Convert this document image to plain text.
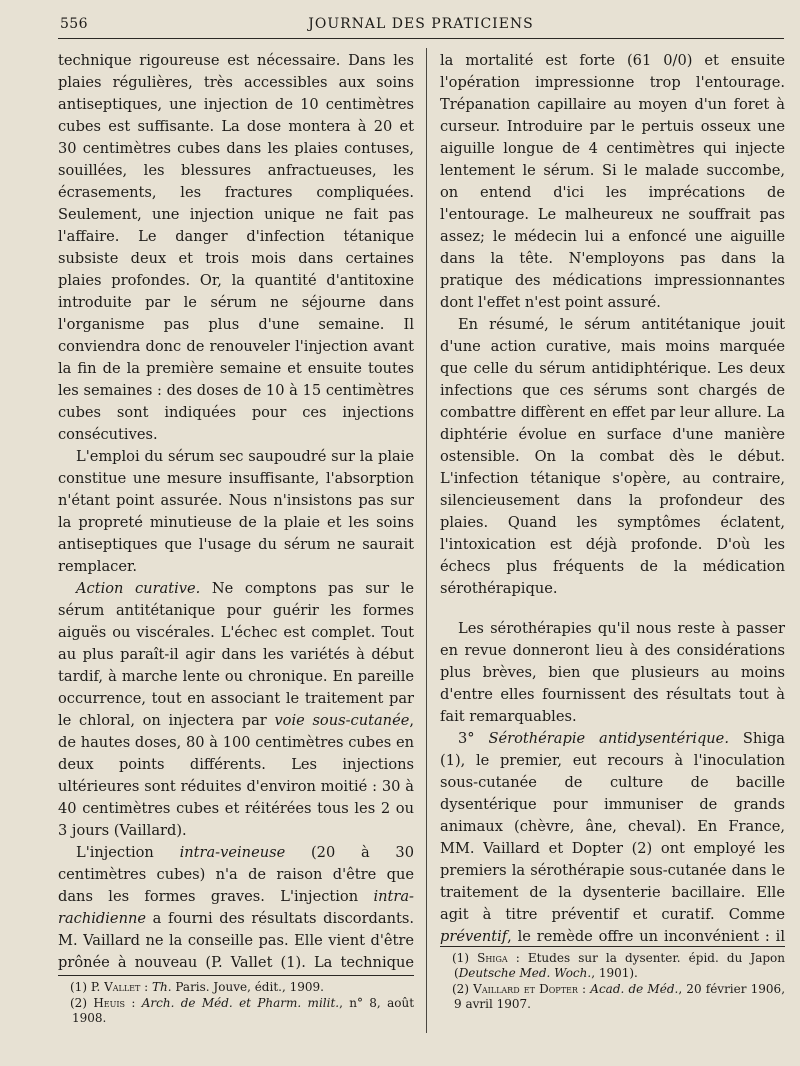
556	JOURNAL DES PRATICIENS

technique rigoureuse est nécessaire. Dans les plaies régulières, très accessibles aux soins antiseptiques, une injection de 10 centimètres cubes est suffisante. La dose montera à 20 et 30 centimètres cubes dans les plaies contuses, souillées, les blessures anfractueuses, les écrasements, les fractures compliquées. Seulement, une injection unique ne fait pas l'affaire. Le danger d'infection tétanique subsiste deux et trois mois dans certaines plaies profondes. Or, la quantité d'antitoxine introduite par le sérum ne séjourne dans l'organisme pas plus d'une semaine. Il conviendra donc de renouveler l'injection avant la fin de la première semaine et ensuite toutes les semaines : des doses de 10 à 15 centimètres cubes sont indiquées pour ces injections consécutives.

L'emploi du sérum sec saupoudré sur la plaie constitue une mesure insuffisante, l'absorption n'étant point assurée. Nous n'insistons pas sur la propreté minutieuse de la plaie et les soins antiseptiques que l'usage du sérum ne saurait remplacer.

Action curative. Ne comptons pas sur le sérum antitétanique pour guérir les formes aiguës ou viscérales. L'échec est complet. Tout au plus paraît-il agir dans les variétés à début tardif, à marche lente ou chronique. En pareille occurrence, tout en associant le traitement par le chloral, on injectera par voie sous-cutanée, de hautes doses, 80 à 100 centimètres cubes en deux points différents. Les injections ultérieures sont réduites d'environ moitié : 30 à 40 centimètres cubes et réitérées tous les 2 ou 3 jours (Vaillard).

L'injection intra-veineuse (20 à 30 centimètres cubes) n'a de raison d'être que dans les formes graves. L'injection intra-rachidienne a fourni des résultats discordants. M. Vaillard ne la conseille pas. Elle vient d'être prônée à nouveau (P. Vallet (1). La technique

la mortalité est forte (61 0/0) et ensuite l'opération impressionne trop l'entourage. Trépanation capillaire au moyen d'un foret à curseur. Introduire par le pertuis osseux une aiguille longue de 4 centimètres qui injecte lentement le sérum. Si le malade succombe, on entend d'ici les imprécations de l'entourage. Le malheureux ne souffrait pas assez; le médecin lui a enfoncé une aiguille dans la tête. N'employons pas dans la pratique des médications impressionnantes dont l'effet n'est point assuré.

En résumé, le sérum antitétanique jouit d'une action curative, mais moins marquée que celle du sérum antidiphtérique. Les deux infections que ces sérums sont chargés de combattre diffèrent en effet par leur allure. La diphtérie évolue en surface d'une manière ostensible. On la combat dès le début. L'infection tétanique s'opère, au contraire, silencieusement dans la profondeur des plaies. Quand les symptômes éclatent, l'intoxication est déjà profonde. D'où les échecs plus fréquents de la médication sérothérapique.

Les sérothérapies qu'il nous reste à passer en revue donneront lieu à des considérations plus brèves, bien que plusieurs au moins d'entre elles fournissent des résultats tout à fait remarquables.

3° Sérothérapie antidysentérique. Shiga (1), le premier, eut recours à l'inoculation sous-cutanée de culture de bacille dysentérique pour immuniser de grands animaux (chèvre, âne, cheval). En France, MM. Vaillard et Dopter (2) ont employé les premiers la sérothérapie sous-cutanée dans le traitement de la dysenterie bacillaire. Elle agit à titre préventif et curatif. Comme préventif, le remède offre un inconvénient : il

(1) P. Vallet : Th. Paris. Jouve, édit., 1909.
(2) Heuis : Arch. de Méd. et Pharm. milit., n° 8, août 1908.
(1) Shiga : Etudes sur la dysenter. épid. du Japon (Deutsche Med. Woch., 1901).
(2) Vaillard et Dopter : Acad. de Méd., 20 février 1906, 9 avril 1907.
